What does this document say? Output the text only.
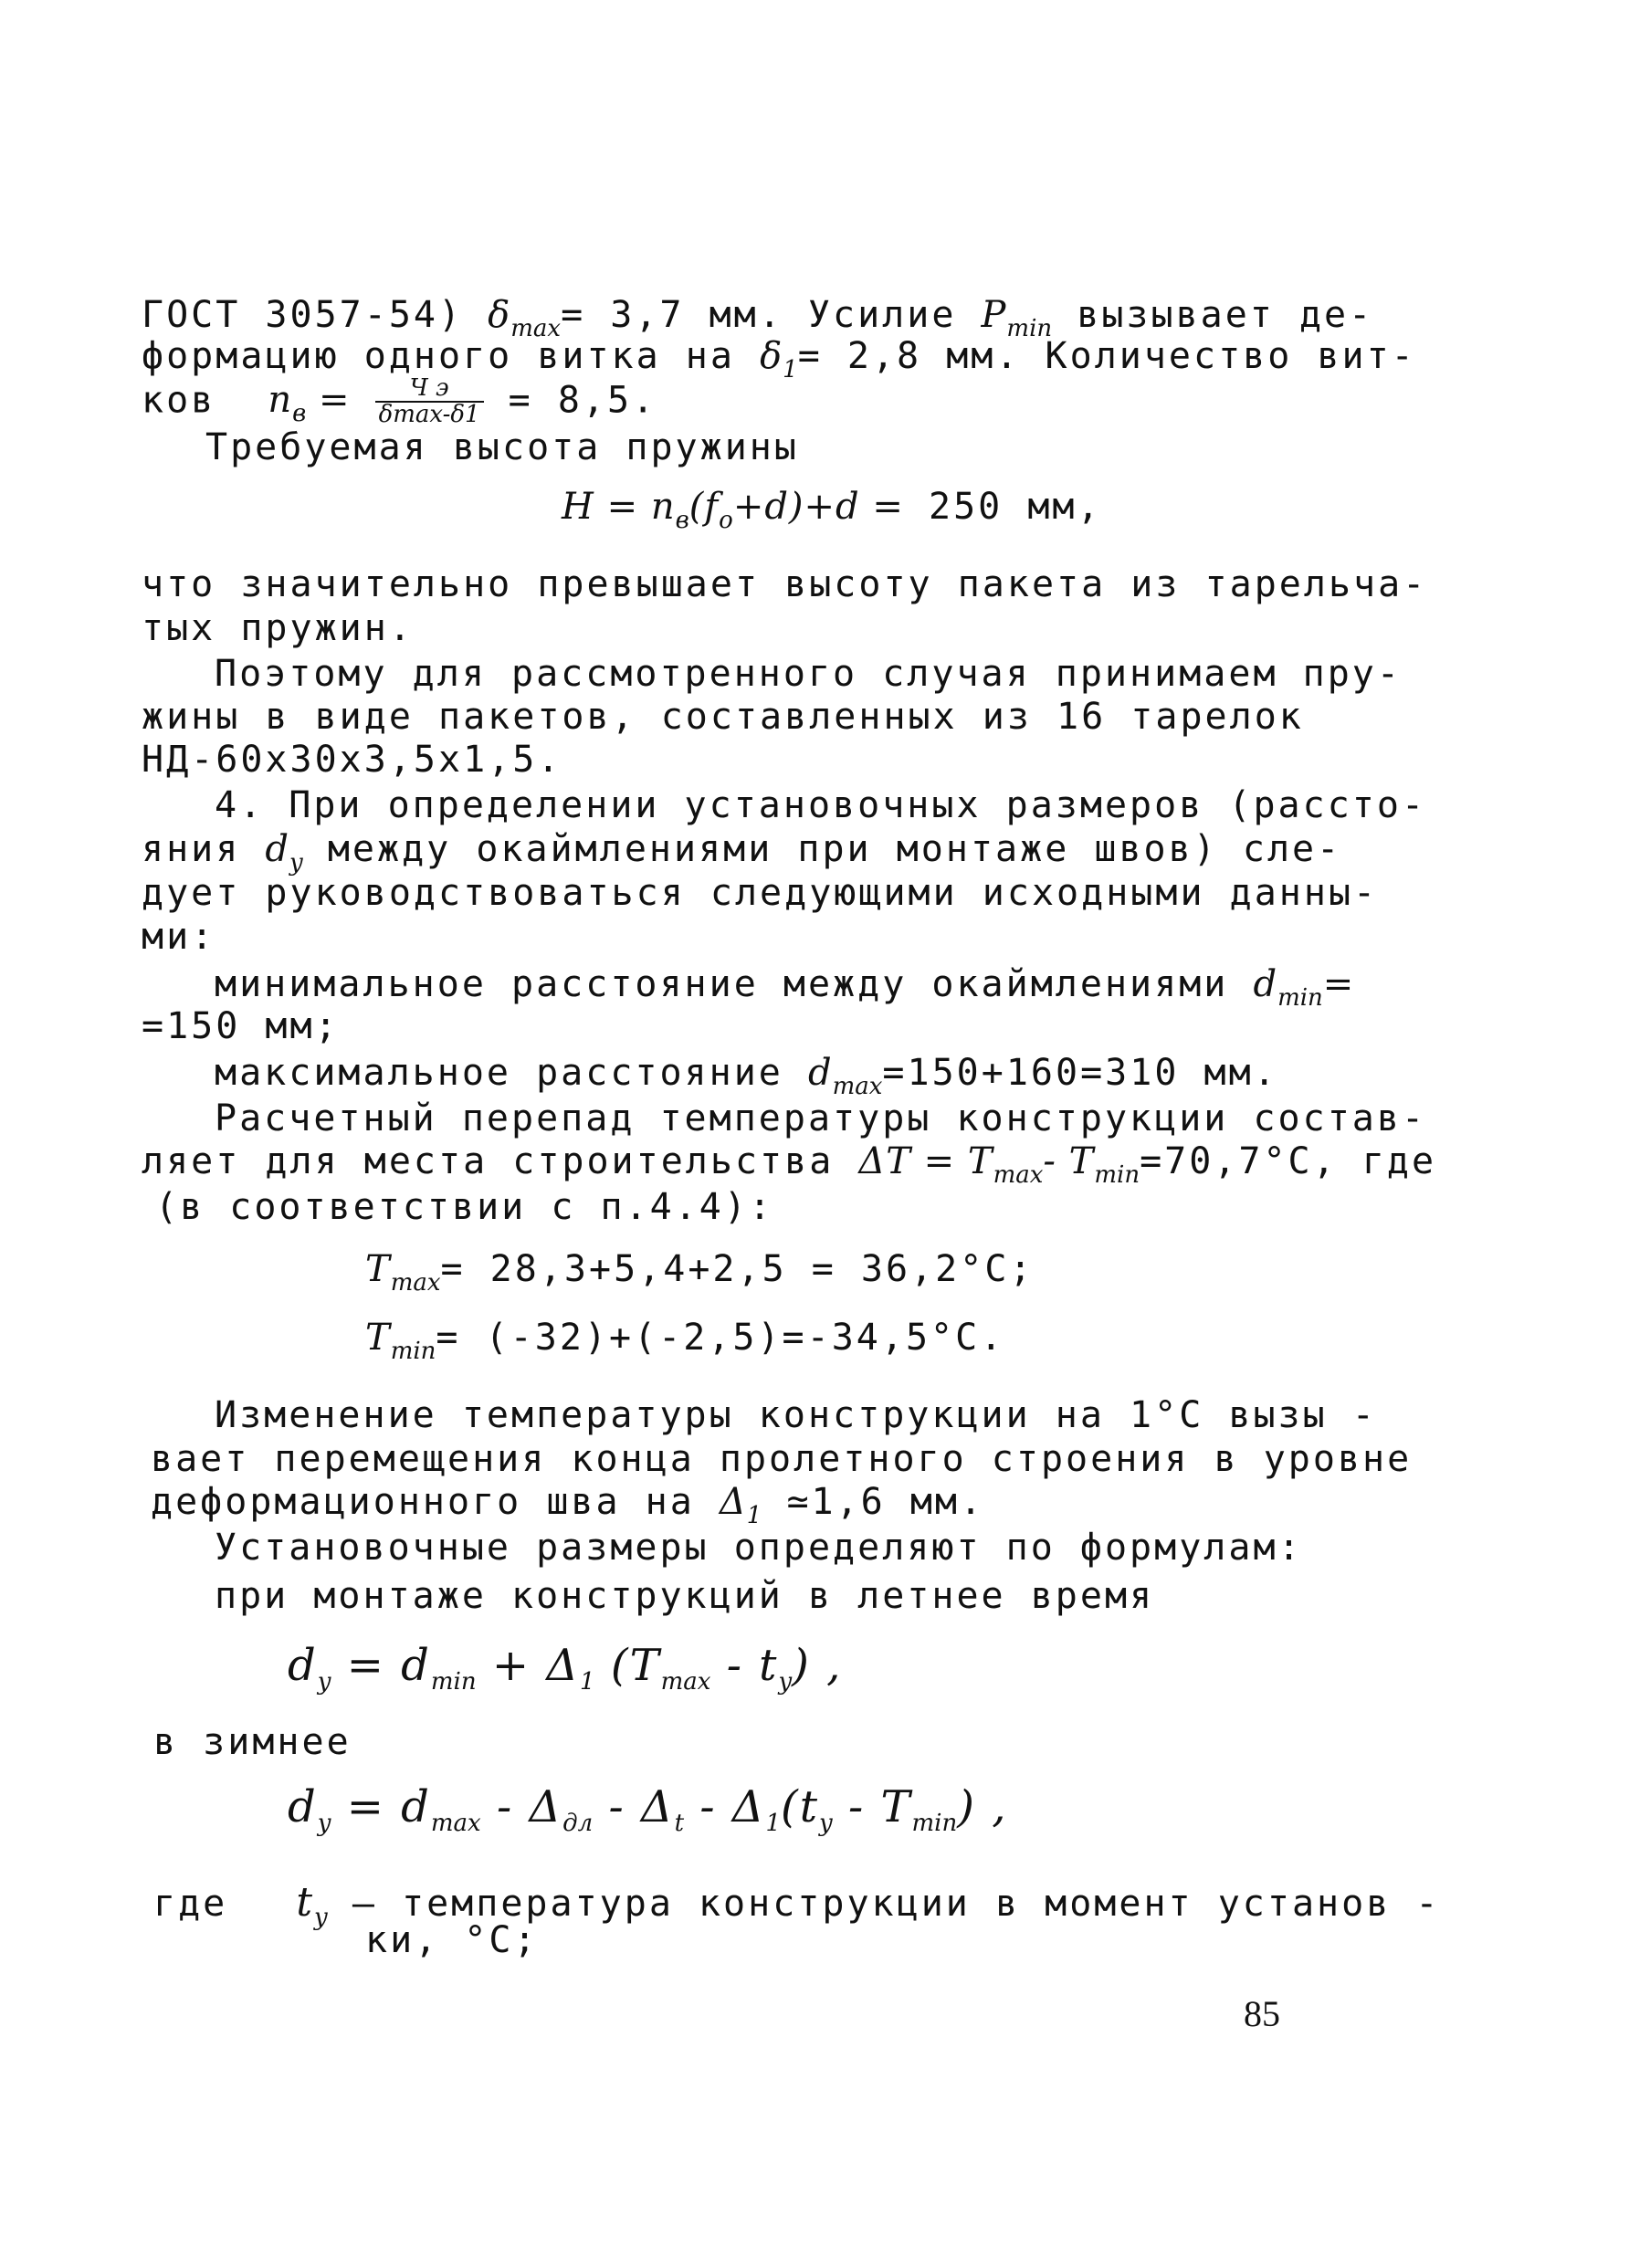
ГОСТ 3057-54) $\delta_{max}= 3,7$ мм. Усилие $P_{min}$ вызывает де-
формацию одного витка на $\delta_1= 2,8$ мм. Количество вит-
ков $n_в = \frac{\text{Ч э}}{\delta\max-\delta 1} = 8,5$.
Требуемая высота пружины
$H = n_в(f_o+d)+d = 250$ мм,
что значительно превышает высоту пакета из тарельча-
тых пружин.
Поэтому для рассмотренного случая принимаем пру-
жины в виде пакетов, составленных из 16 тарелок
НД-60х30х3,5х1,5.
4. При определении установочных размеров (рассто-
яния $d_y$ между окаймлениями при монтаже швов) сле-
дует руководствоваться следующими исходными данны-
ми:
минимальное расстояние между окаймлениями $d_{min}=$
=150 мм;
максимальное расстояние $d_{max}=150+160=310$ мм.
Расчетный перепад температуры конструкции состав-
ляет для места строительства $\Delta T = T_{max}-$ $T_{min}=70,7^\circ С$, где
(в соответствии с п.4.4):
$T_{max}= 28,3+5,4+2,5 = 36,2^\circ С$;
$T_{min}= (-32)+(-2,5)=-34,5^\circ С$.
Изменение температуры конструкции на 1°С вызы -
вает перемещения конца пролетного строения в уровне
деформационного шва на $\Delta_1$ ≃1,6 мм.
Установочные размеры определяют по формулам:
при монтаже конструкций в летнее время
$d_y = d_{min} + \Delta_1$ $(T_{max} - t_y)$ ,
в зимнее
$d_y = d_{max} - \Delta_{дл} - \Delta_t - \Delta_1(t_y - T_{min})$ ,
где $t_y$ – температура конструкции в момент установ -
ки, °С;
85
